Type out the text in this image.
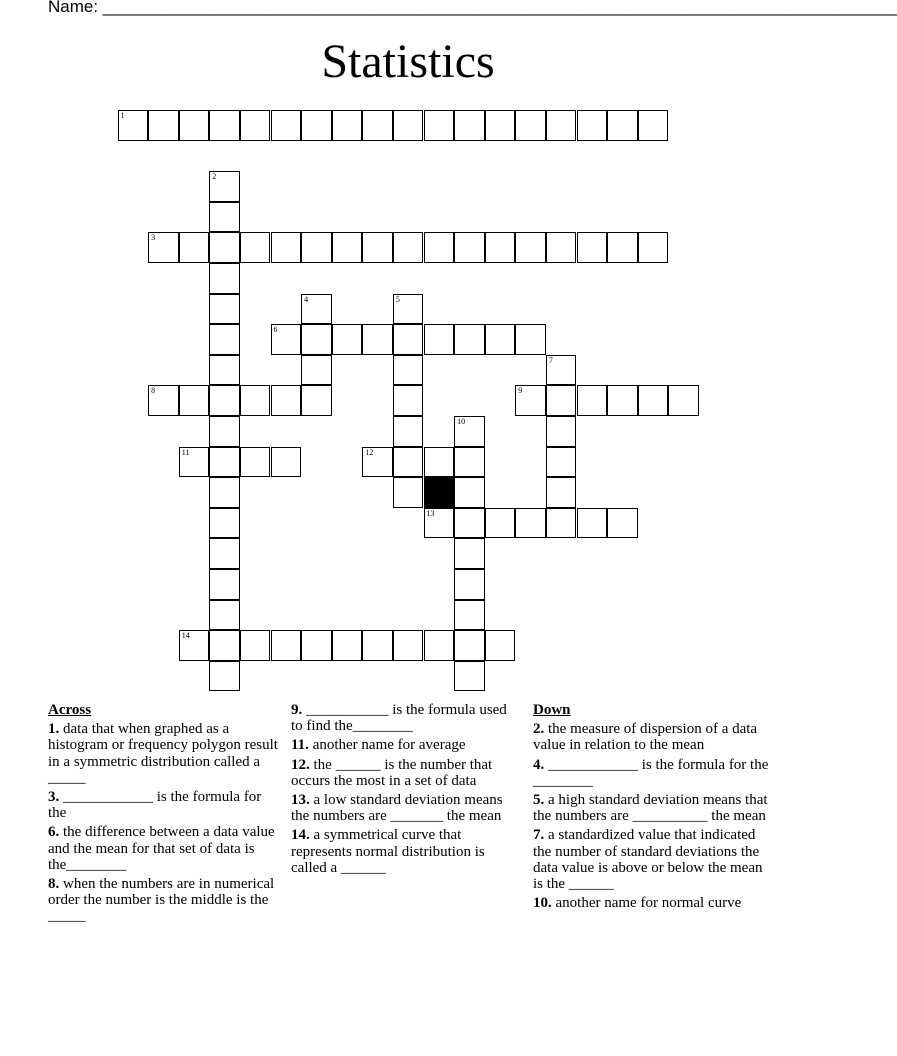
Name: ____________________________________________________________________________________
Statistics
1
2
3
4	5
6
7
8	9
10
11	12
13
14
Across
1. data that when graphed as a histogram or frequency polygon result in a symmetric distribution called a _____
3. ____________ is the formula for the
6. the difference between a data value and the mean for that set of data is the________
8. when the numbers are in numerical order the number is the middle is the _____
9. ___________ is the formula used to find the________
11. another name for average
12. the ______ is the number that occurs the most in a set of data
13. a low standard deviation means the numbers are _______ the mean
14. a symmetrical curve that represents normal distribution is called a ______
Down
2. the measure of dispersion of a data value in relation to the mean
4. ____________ is the formula for the ________
5. a high standard deviation means that the numbers are __________ the mean
7. a standardized value that indicated the number of standard deviations the data value is above or below the mean is the ______
10. another name for normal curve
